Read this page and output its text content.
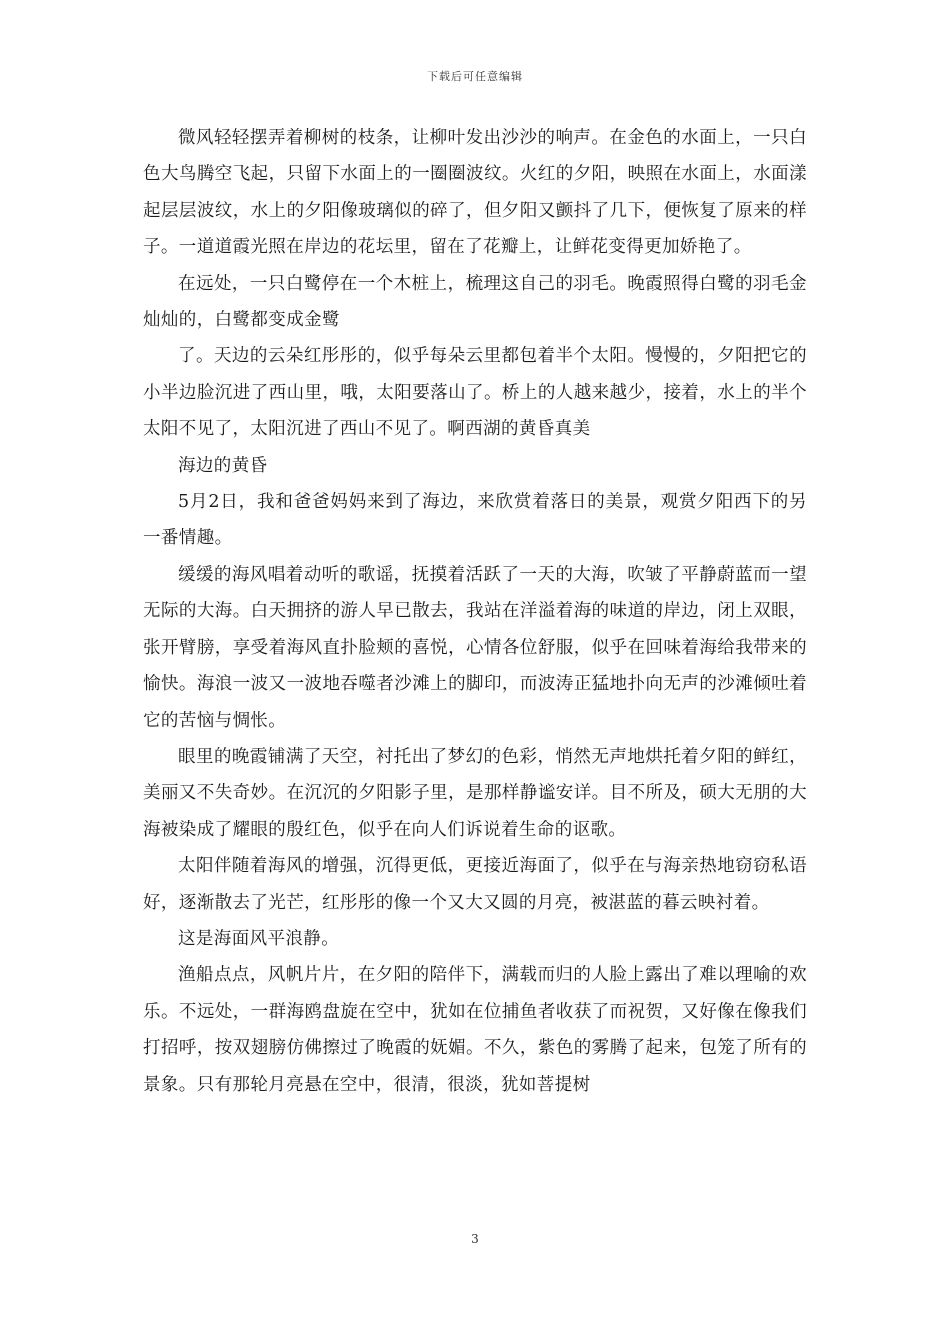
下载后可任意编辑

微风轻轻摆弄着柳树的枝条，让柳叶发出沙沙的响声。在金色的水面上，一只白色大鸟腾空飞起，只留下水面上的一圈圈波纹。火红的夕阳，映照在水面上，水面漾起层层波纹，水上的夕阳像玻璃似的碎了，但夕阳又颤抖了几下，便恢复了原来的样子。一道道霞光照在岸边的花坛里，留在了花瓣上，让鲜花变得更加娇艳了。

在远处，一只白鹭停在一个木桩上，梳理这自己的羽毛。晚霞照得白鹭的羽毛金灿灿的，白鹭都变成金鹭

了。天边的云朵红彤彤的，似乎每朵云里都包着半个太阳。慢慢的，夕阳把它的小半边脸沉进了西山里，哦，太阳要落山了。桥上的人越来越少，接着，水上的半个太阳不见了，太阳沉进了西山不见了。啊西湖的黄昏真美

海边的黄昏

5月2日，我和爸爸妈妈来到了海边，来欣赏着落日的美景，观赏夕阳西下的另一番情趣。

缓缓的海风唱着动听的歌谣，抚摸着活跃了一天的大海，吹皱了平静蔚蓝而一望无际的大海。白天拥挤的游人早已散去，我站在洋溢着海的味道的岸边，闭上双眼，张开臂膀，享受着海风直扑脸颊的喜悦，心情各位舒服，似乎在回味着海给我带来的愉快。海浪一波又一波地吞噬者沙滩上的脚印，而波涛正猛地扑向无声的沙滩倾吐着它的苦恼与惆怅。

眼里的晚霞铺满了天空，衬托出了梦幻的色彩，悄然无声地烘托着夕阳的鲜红，美丽又不失奇妙。在沉沉的夕阳影子里，是那样静谧安详。目不所及，硕大无朋的大海被染成了耀眼的殷红色，似乎在向人们诉说着生命的讴歌。

太阳伴随着海风的增强，沉得更低，更接近海面了，似乎在与海亲热地窃窃私语好，逐渐散去了光芒，红彤彤的像一个又大又圆的月亮，被湛蓝的暮云映衬着。

这是海面风平浪静。

渔船点点，风帆片片，在夕阳的陪伴下，满载而归的人脸上露出了难以理喻的欢乐。不远处，一群海鸥盘旋在空中，犹如在位捕鱼者收获了而祝贺，又好像在像我们打招呼，按双翅膀仿佛擦过了晚霞的妩媚。不久，紫色的雾腾了起来，包笼了所有的景象。只有那轮月亮悬在空中，很清，很淡，犹如菩提树

3
